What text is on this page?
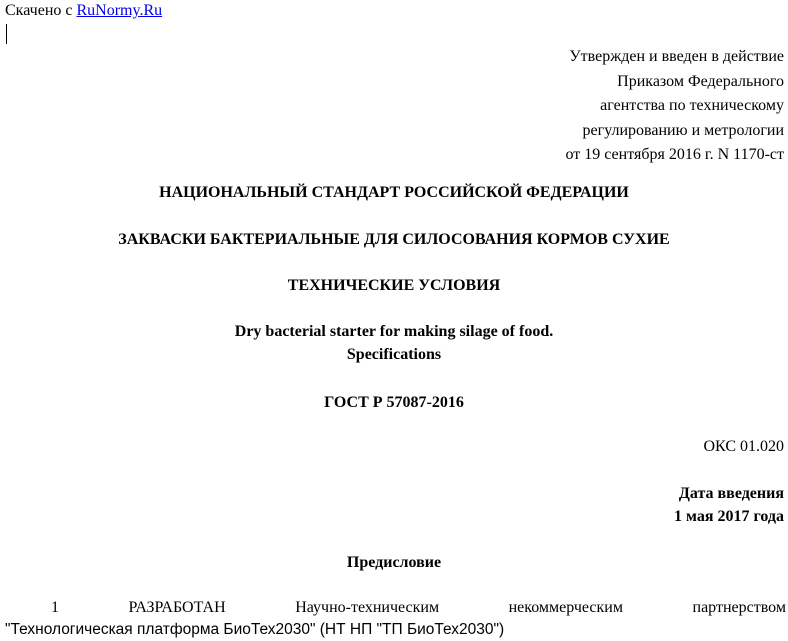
Скачено с RuNormy.Ru
Утвержден и введен в действие
Приказом Федерального
агентства по техническому
регулированию и метрологии
от 19 сентября 2016 г. N 1170-ст
НАЦИОНАЛЬНЫЙ СТАНДАРТ РОССИЙСКОЙ ФЕДЕРАЦИИ
ЗАКВАСКИ БАКТЕРИАЛЬНЫЕ ДЛЯ СИЛОСОВАНИЯ КОРМОВ СУХИЕ
ТЕХНИЧЕСКИЕ УСЛОВИЯ
Dry bacterial starter for making silage of food.
Specifications
ГОСТ Р 57087-2016
ОКС 01.020
Дата введения
1 мая 2017 года
Предисловие
1	РАЗРАБОТАН	Научно-техническим	некоммерческим	партнерством
"Технологическая платформа БиоТех2030" (НТ НП "ТП БиоТех2030")
